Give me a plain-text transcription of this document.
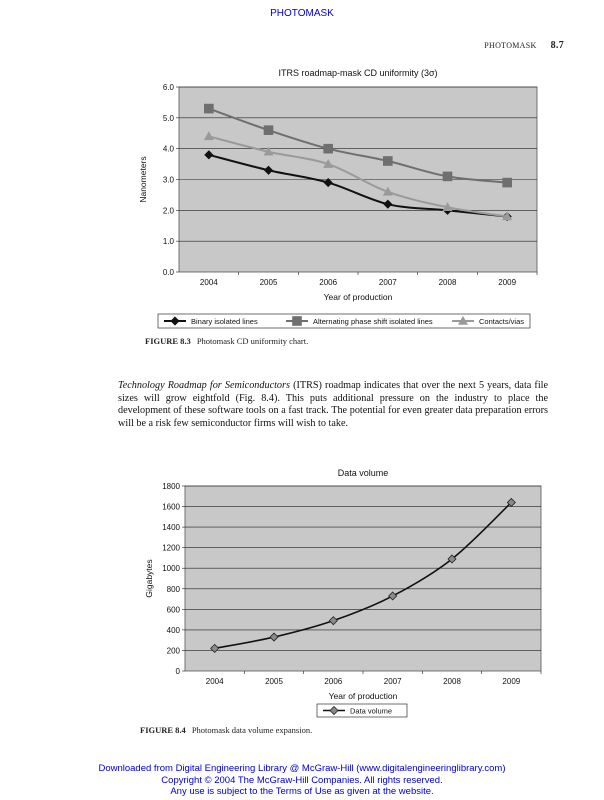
PHOTOMASK
PHOTOMASK 8.7
ITRS roadmap-mask CD uniformity (3σ)
0.0
1.0
2.0
3.0
4.0
5.0
6.0
2004	2005	2006	2007	2008	2009
Year of production
Nanometers
Binary isolated lines	Alternating phase shift isolated lines	Contacts/vias
FIGURE 8.3 Photomask CD uniformity chart.
Technology Roadmap for Semiconductors (ITRS) roadmap indicates that over the next 5 years, data file sizes will grow eightfold (Fig. 8.4). This puts additional pressure on the industry to place the development of these software tools on a fast track. The potential for even greater data preparation errors will be a risk few semiconductor firms will wish to take.
Data volume
0
200
400
600
800
1000
1200
1400
1600
1800
2004	2005	2006	2007	2008	2009
Year of production
Gigabytes
Data volume
FIGURE 8.4 Photomask data volume expansion.
Downloaded from Digital Engineering Library @ McGraw-Hill (www.digitalengineeringlibrary.com)
Copyright © 2004 The McGraw-Hill Companies. All rights reserved.
Any use is subject to the Terms of Use as given at the website.
